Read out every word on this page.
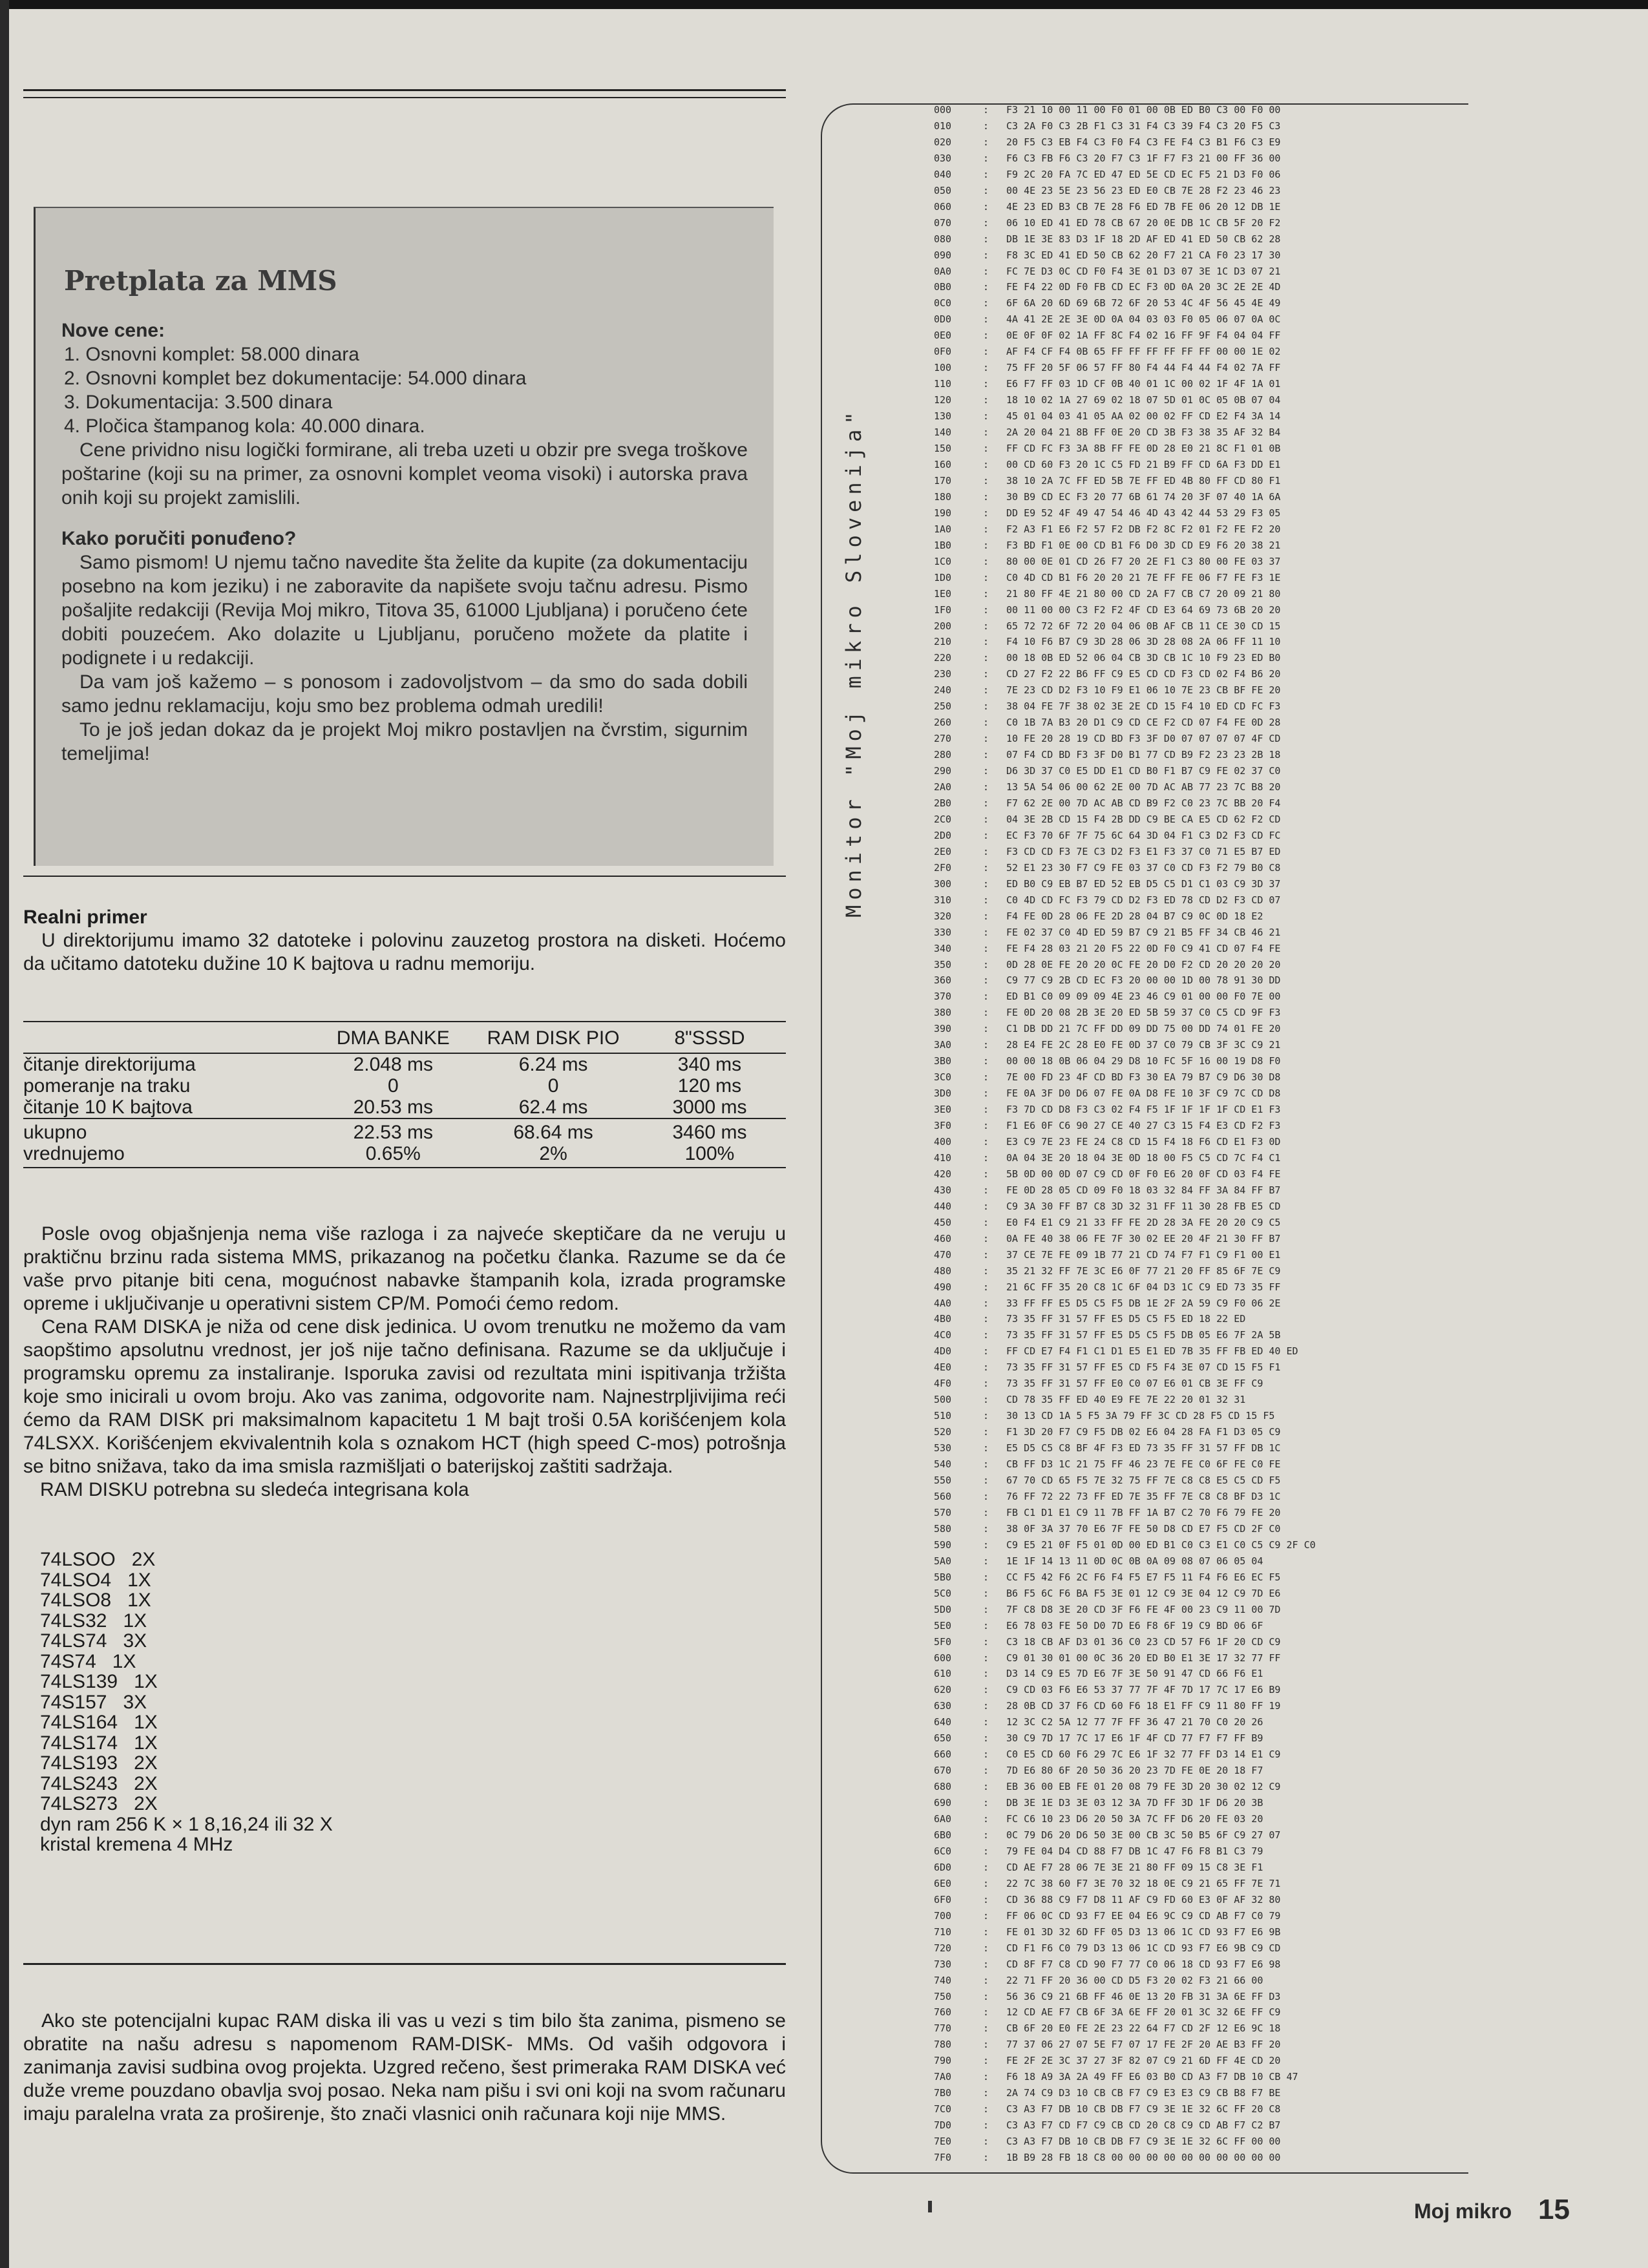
Pretplata za MMS
Nove cene:
1. Osnovni komplet: 58.000 dinara
2. Osnovni komplet bez dokumentacije: 54.000 dinara
3. Dokumentacija: 3.500 dinara
4. Pločica štampanog kola: 40.000 dinara.

Cene prividno nisu logički formirane, ali treba uzeti u obzir pre svega troškove poštarine (koji su na primer, za osnovni komplet veoma visoki) i autorska prava onih koji su projekt zamislili.

Kako poručiti ponuđeno?

Samo pismom! U njemu tačno navedite šta želite da kupite (za dokumentaciju posebno na kom jeziku) i ne zaboravite da napišete svoju tačnu adresu. Pismo pošaljite redakciji (Revija Moj mikro, Titova 35, 61000 Ljubljana) i poručeno ćete dobiti pouzećem. Ako dolazite u Ljubljanu, poručeno možete da platite i podignete i u redakciji.

Da vam još kažemo – s ponosom i zadovoljstvom – da smo do sada dobili samo jednu reklamaciju, koju smo bez problema odmah uredili!

To je još jedan dokaz da je projekt Moj mikro postavljen na čvrstim, sigurnim temeljima!

Realni primer

U direktorijumu imamo 32 datoteke i polovinu zauzetog prostora na disketi. Hoćemo da učitamo datoteku dužine 10 K bajtova u radnu memoriju.

	DMA BANKE	RAM DISK PIO	8"SSSD
čitanje direktorijuma	2.048 ms	6.24 ms	340 ms
pomeranje na traku	0	0	120 ms
čitanje 10 K bajtova	20.53 ms	62.4 ms	3000 ms
ukupno	22.53 ms	68.64 ms	3460 ms
vrednujemo	0.65%	2%	100%

Posle ovog objašnjenja nema više razloga i za najveće skeptičare da ne veruju u praktičnu brzinu rada sistema MMS, prikazanog na početku članka. Razume se da će vaše prvo pitanje biti cena, mogućnost nabavke štampanih kola, izrada programske opreme i uključivanje u operativni sistem CP/M. Pomoći ćemo redom.

Cena RAM DISKA je niža od cene disk jedinica. U ovom trenutku ne možemo da vam saopštimo apsolutnu vrednost, jer još nije tačno definisana. Razume se da uključuje i programsku opremu za instaliranje. Isporuka zavisi od rezultata mini ispitivanja tržišta koje smo inicirali u ovom broju. Ako vas zanima, odgovorite nam. Najnestrpljivijima reći ćemo da RAM DISK pri maksimalnom kapacitetu 1 M bajt troši 0.5A korišćenjem kola 74LSXX. Korišćenjem ekvivalentnih kola s oznakom HCT (high speed C-mos) potrošnja se bitno snižava, tako da ima smisla razmišljati o baterijskoj zaštiti sadržaja.

RAM DISKU potrebna su sledeća integrisana kola
74LSOO   2X
74LSO4   1X
74LSO8   1X
74LS32   1X
74LS74   3X
74S74   1X
74LS139   1X
74S157   3X
74LS164   1X
74LS174   1X
74LS193   2X
74LS243   2X
74LS273   2X
dyn ram 256 K × 1 8,16,24 ili 32 X
kristal kremena 4 MHz

Ako ste potencijalni kupac RAM diska ili vas u vezi s tim bilo šta zanima, pismeno se obratite na našu adresu s napomenom RAM-DISK- MMs. Od vaših odgovora i zanimanja zavisi sudbina ovog projekta. Uzgred rečeno, šest primeraka RAM DISKA već duže vreme pouzdano obavlja svoj posao. Neka nam pišu i svi oni koji na svom računaru imaju paralelna vrata za proširenje, što znači vlasnici onih računara koji nije MMS.

Monitor "Moj mikro Slovenija"
000	: F3 21 10 00 11 00 F0 01 00 0B ED B0 C3 00 F0 00
010	: C3 2A F0 C3 2B F1 C3 31 F4 C3 39 F4 C3 20 F5 C3
020	: 20 F5 C3 EB F4 C3 F0 F4 C3 FE F4 C3 B1 F6 C3 E9
030	: F6 C3 FB F6 C3 20 F7 C3 1F F7 F3 21 00 FF 36 00
040	: F9 2C 20 FA 7C ED 47 ED 5E CD EC F5 21 D3 F0 06
050	: 00 4E 23 5E 23 56 23 ED E0 CB 7E 28 F2 23 46 23
060	: 4E 23 ED B3 CB 7E 28 F6 ED 7B FE 06 20 12 DB 1E
070	: 06 10 ED 41 ED 78 CB 67 20 0E DB 1C CB 5F 20 F2
080	: DB 1E 3E 83 D3 1F 18 2D AF ED 41 ED 50 CB 62 28
090	: F8 3C ED 41 ED 50 CB 62 20 F7 21 CA F0 23 17 30
0A0	: FC 7E D3 0C CD F0 F4 3E 01 D3 07 3E 1C D3 07 21
0B0	: FE F4 22 0D F0 FB CD EC F3 0D 0A 20 3C 2E 2E 4D
0C0	: 6F 6A 20 6D 69 6B 72 6F 20 53 4C 4F 56 45 4E 49
0D0	: 4A 41 2E 2E 3E 0D 0A 04 03 03 F0 05 06 07 0A 0C
0E0	: 0E 0F 0F 02 1A FF 8C F4 02 16 FF 9F F4 04 04 FF
0F0	: AF F4 CF F4 0B 65 FF FF FF FF FF FF 00 00 1E 02
100	: 75 FF 20 5F 06 57 FF 80 F4 44 F4 44 F4 02 7A FF
110	: E6 F7 FF 03 1D CF 0B 40 01 1C 00 02 1F 4F 1A 01
120	: 18 10 02 1A 27 69 02 18 07 5D 01 0C 05 0B 07 04
130	: 45 01 04 03 41 05 AA 02 00 02 FF CD E2 F4 3A 14
140	: 2A 20 04 21 8B FF 0E 20 CD 3B F3 38 35 AF 32 B4
150	: FF CD FC F3 3A 8B FF FE 0D 28 E0 21 8C F1 01 0B
160	: 00 CD 60 F3 20 1C C5 FD 21 B9 FF CD 6A F3 DD E1
170	: 38 10 2A 7C FF ED 5B 7E FF ED 4B 80 FF CD 80 F1
180	: 30 B9 CD EC F3 20 77 6B 61 74 20 3F 07 40 1A 6A
190	: DD E9 52 4F 49 47 54 46 4D 43 42 44 53 29 F3 05
1A0	: F2 A3 F1 E6 F2 57 F2 DB F2 8C F2 01 F2 FE F2 20
1B0	: F3 BD F1 0E 00 CD B1 F6 D0 3D CD E9 F6 20 38 21
1C0	: 80 00 0E 01 CD 26 F7 20 2E F1 C3 80 00 FE 03 37
1D0	: C0 4D CD B1 F6 20 20 21 7E FF FE 06 F7 FE F3 1E
1E0	: 21 80 FF 4E 21 80 00 CD 2A F7 CB C7 20 09 21 80
1F0	: 00 11 00 00 C3 F2 F2 4F CD E3 64 69 73 6B 20 20
200	: 65 72 72 6F 72 20 04 06 0B AF CB 11 CE 30 CD 15
210	: F4 10 F6 B7 C9 3D 28 06 3D 28 08 2A 06 FF 11 10
220	: 00 18 0B ED 52 06 04 CB 3D CB 1C 10 F9 23 ED B0
230	: CD 27 F2 22 B6 FF C9 E5 CD CD F3 CD 02 F4 B6 20
240	: 7E 23 CD D2 F3 10 F9 E1 06 10 7E 23 CB BF FE 20
250	: 38 04 FE 7F 38 02 3E 2E CD 15 F4 10 ED CD FC F3
260	: C0 1B 7A B3 20 D1 C9 CD CE F2 CD 07 F4 FE 0D 28
270	: 10 FE 20 28 19 CD BD F3 3F D0 07 07 07 07 4F CD
280	: 07 F4 CD BD F3 3F D0 B1 77 CD B9 F2 23 23 2B 18
290	: D6 3D 37 C0 E5 DD E1 CD B0 F1 B7 C9 FE 02 37 C0
2A0	: 13 5A 54 06 00 62 2E 00 7D AC AB 77 23 7C B8 20
2B0	: F7 62 2E 00 7D AC AB CD B9 F2 C0 23 7C BB 20 F4
2C0	: 04 3E 2B CD 15 F4 2B DD C9 BE CA E5 CD 62 F2 CD
2D0	: EC F3 70 6F 7F 75 6C 64 3D 04 F1 C3 D2 F3 CD FC
2E0	: F3 CD CD F3 7E C3 D2 F3 E1 F3 37 C0 71 E5 B7 ED
2F0	: 52 E1 23 30 F7 C9 FE 03 37 C0 CD F3 F2 79 B0 C8
300	: ED B0 C9 EB B7 ED 52 EB D5 C5 D1 C1 03 C9 3D 37
310	: C0 4D CD FC F3 79 CD D2 F3 ED 78 CD D2 F3 CD 07
320	: F4 FE 0D 28 06 FE 2D 28 04 B7 C9 0C 0D 18 E2
330	: FE 02 37 C0 4D ED 59 B7 C9 21 B5 FF 34 CB 46 21
340	: FE F4 28 03 21 20 F5 22 0D F0 C9 41 CD 07 F4 FE
350	: 0D 28 0E FE 20 20 0C FE 20 D0 F2 CD 20 20 20 20
360	: C9 77 C9 2B CD EC F3 20 00 00 1D 00 78 91 30 DD
370	: ED B1 C0 09 09 09 4E 23 46 C9 01 00 00 F0 7E 00
380	: FE 0D 20 08 2B 3E 20 ED 5B 59 37 C0 C5 CD 9F F3
390	: C1 DB DD 21 7C FF DD 09 DD 75 00 DD 74 01 FE 20
3A0	: 28 E4 FE 2C 28 E0 FE 0D 37 C0 79 CB 3F 3C C9 21
3B0	: 00 00 18 0B 06 04 29 D8 10 FC 5F 16 00 19 D8 F0
3C0	: 7E 00 FD 23 4F CD BD F3 30 EA 79 B7 C9 D6 30 D8
3D0	: FE 0A 3F D0 D6 07 FE 0A D8 FE 10 3F C9 7C CD D8
3E0	: F3 7D CD D8 F3 C3 02 F4 F5 1F 1F 1F 1F CD E1 F3
3F0	: F1 E6 0F C6 90 27 CE 40 27 C3 15 F4 E3 CD F2 F3
400	: E3 C9 7E 23 FE 24 C8 CD 15 F4 18 F6 CD E1 F3 0D
410	: 0A 04 3E 20 18 04 3E 0D 18 00 F5 C5 CD 7C F4 C1
420	: 5B 0D 00 0D 07 C9 CD 0F F0 E6 20 0F CD 03 F4 FE
430	: FE 0D 28 05 CD 09 F0 18 03 32 84 FF 3A 84 FF B7
440	: C9 3A 30 FF B7 C8 3D 32 31 FF 11 30 28 FB E5 CD
450	: E0 F4 E1 C9 21 33 FF FE 2D 28 3A FE 20 20 C9 C5
460	: 0A FE 40 38 06 FE 7F 30 02 EE 20 4F 21 30 FF B7
470	: 37 CE 7E FE 09 1B 77 21 CD 74 F7 F1 C9 F1 00 E1
480	: 35 21 32 FF 7E 3C E6 0F 77 21 20 FF 85 6F 7E C9
490	: 21 6C FF 35 20 C8 1C 6F 04 D3 1C C9 ED 73 35 FF
4A0	: 33 FF FF E5 D5 C5 F5 DB 1E 2F 2A 59 C9 F0 06 2E
4B0	: 73 35 FF 31 57 FF E5 D5 C5 F5 ED 18 22 ED
4C0	: 73 35 FF 31 57 FF E5 D5 C5 F5 DB 05 E6 7F 2A 5B
4D0	: FF CD E7 F4 F1 C1 D1 E5 E1 ED 7B 35 FF FB ED 40 ED
4E0	: 73 35 FF 31 57 FF E5 CD F5 F4 3E 07 CD 15 F5 F1
4F0	: 73 35 FF 31 57 FF E0 C0 07 E6 01 CB 3E FF C9
500	: CD 78 35 FF ED 40 E9 FE 7E 22 20 01 32 31
510	: 30 13 CD 1A 5 F5 3A 79 FF 3C CD 28 F5 CD 15 F5
520	: F1 3D 20 F7 C9 F5 DB 02 E6 04 28 FA F1 D3 05 C9
530	: E5 D5 C5 C8 BF 4F F3 ED 73 35 FF 31 57 FF DB 1C
540	: CB FF D3 1C 21 75 FF 46 23 7E FE C0 6F FE C0 FE
550	: 67 70 CD 65 F5 7E 32 75 FF 7E C8 C8 E5 C5 CD F5
560	: 76 FF 72 22 73 FF ED 7E 35 FF 7E C8 C8 BF D3 1C
570	: FB C1 D1 E1 C9 11 7B FF 1A B7 C2 70 F6 79 FE 20
580	: 38 0F 3A 37 70 E6 7F FE 50 D8 CD E7 F5 CD 2F C0
590	: C9 E5 21 0F F5 01 0D 00 ED B1 C0 C3 E1 C0 C5 C9 2F C0
5A0	: 1E 1F 14 13 11 0D 0C 0B 0A 09 08 07 06 05 04
5B0	: CC F5 42 F6 2C F6 F4 F5 E7 F5 11 F4 F6 E6 EC F5
5C0	: B6 F5 6C F6 BA F5 3E 01 12 C9 3E 04 12 C9 7D E6
5D0	: 7F C8 D8 3E 20 CD 3F F6 FE 4F 00 23 C9 11 00 7D
5E0	: E6 78 03 FE 50 D0 7D E6 F8 6F 19 C9 BD 06 6F
5F0	: C3 18 CB AF D3 01 36 C0 23 CD 57 F6 1F 20 CD C9
600	: C9 01 30 01 00 0C 36 20 ED B0 E1 3E 17 32 77 FF
610	: D3 14 C9 E5 7D E6 7F 3E 50 91 47 CD 66 F6 E1
620	: C9 CD 03 F6 E6 53 37 77 7F 4F 7D 17 7C 17 E6 B9
630	: 28 0B CD 37 F6 CD 60 F6 18 E1 FF C9 11 80 FF 19
640	: 12 3C C2 5A 12 77 7F FF 36 47 21 70 C0 20 26
650	: 30 C9 7D 17 7C 17 E6 1F 4F CD 77 F7 F7 FF B9
660	: C0 E5 CD 60 F6 29 7C E6 1F 32 77 FF D3 14 E1 C9
670	: 7D E6 80 6F 20 50 36 20 23 7D FE 0E 20 18 F7
680	: EB 36 00 EB FE 01 20 08 79 FE 3D 20 30 02 12 C9
690	: DB 3E 1E D3 3E 03 12 3A 7D FF 3D 1F D6 20 3B
6A0	: FC C6 10 23 D6 20 50 3A 7C FF D6 20 FE 03 20
6B0	: 0C 79 D6 20 D6 50 3E 00 CB 3C 50 B5 6F C9 27 07
6C0	: 79 FE 04 D4 CD 88 F7 DB 1C 47 F6 F8 B1 C3 79
6D0	: CD AE F7 28 06 7E 3E 21 80 FF 09 15 C8 3E F1
6E0	: 22 7C 38 60 F7 3E 70 32 18 0E C9 21 65 FF 7E 71
6F0	: CD 36 88 C9 F7 D8 11 AF C9 FD 60 E3 0F AF 32 80
700	: FF 06 0C CD 93 F7 EE 04 E6 9C C9 CD AB F7 C0 79
710	: FE 01 3D 32 6D FF 05 D3 13 06 1C CD 93 F7 E6 9B
720	: CD F1 F6 C0 79 D3 13 06 1C CD 93 F7 E6 9B C9 CD
730	: CD 8F F7 C8 CD 90 F7 77 C0 06 18 CD 93 F7 E6 98
740	: 22 71 FF 20 36 00 CD D5 F3 20 02 F3 21 66 00
750	: 56 36 C9 21 6B FF 46 0E 13 20 FB 31 3A 6E FF D3
760	: 12 CD AE F7 CB 6F 3A 6E FF 20 01 3C 32 6E FF C9
770	: CB 6F 20 E0 FE 2E 23 22 64 F7 CD 2F 12 E6 9C 18
780	: 77 37 06 27 07 5E F7 07 17 FE 2F 20 AE B3 FF 20
790	: FE 2F 2E 3C 37 27 3F 82 07 C9 21 6D FF 4E CD 20
7A0	: F6 18 A9 3A 2A 49 FF E6 03 B0 CD A3 F7 DB 10 CB 47
7B0	: 2A 74 C9 D3 10 CB CB F7 C9 E3 E3 C9 CB B8 F7 BE
7C0	: C3 A3 F7 DB 10 CB DB F7 C9 3E 1E 32 6C FF 20 C8
7D0	: C3 A3 F7 CD F7 C9 CB CD 20 C8 C9 CD AB F7 C2 B7
7E0	: C3 A3 F7 DB 10 CB DB F7 C9 3E 1E 32 6C FF 00 00
7F0	: 1B B9 28 FB 18 C8 00 00 00 00 00 00 00 00 00 00
Moj mikro 15
